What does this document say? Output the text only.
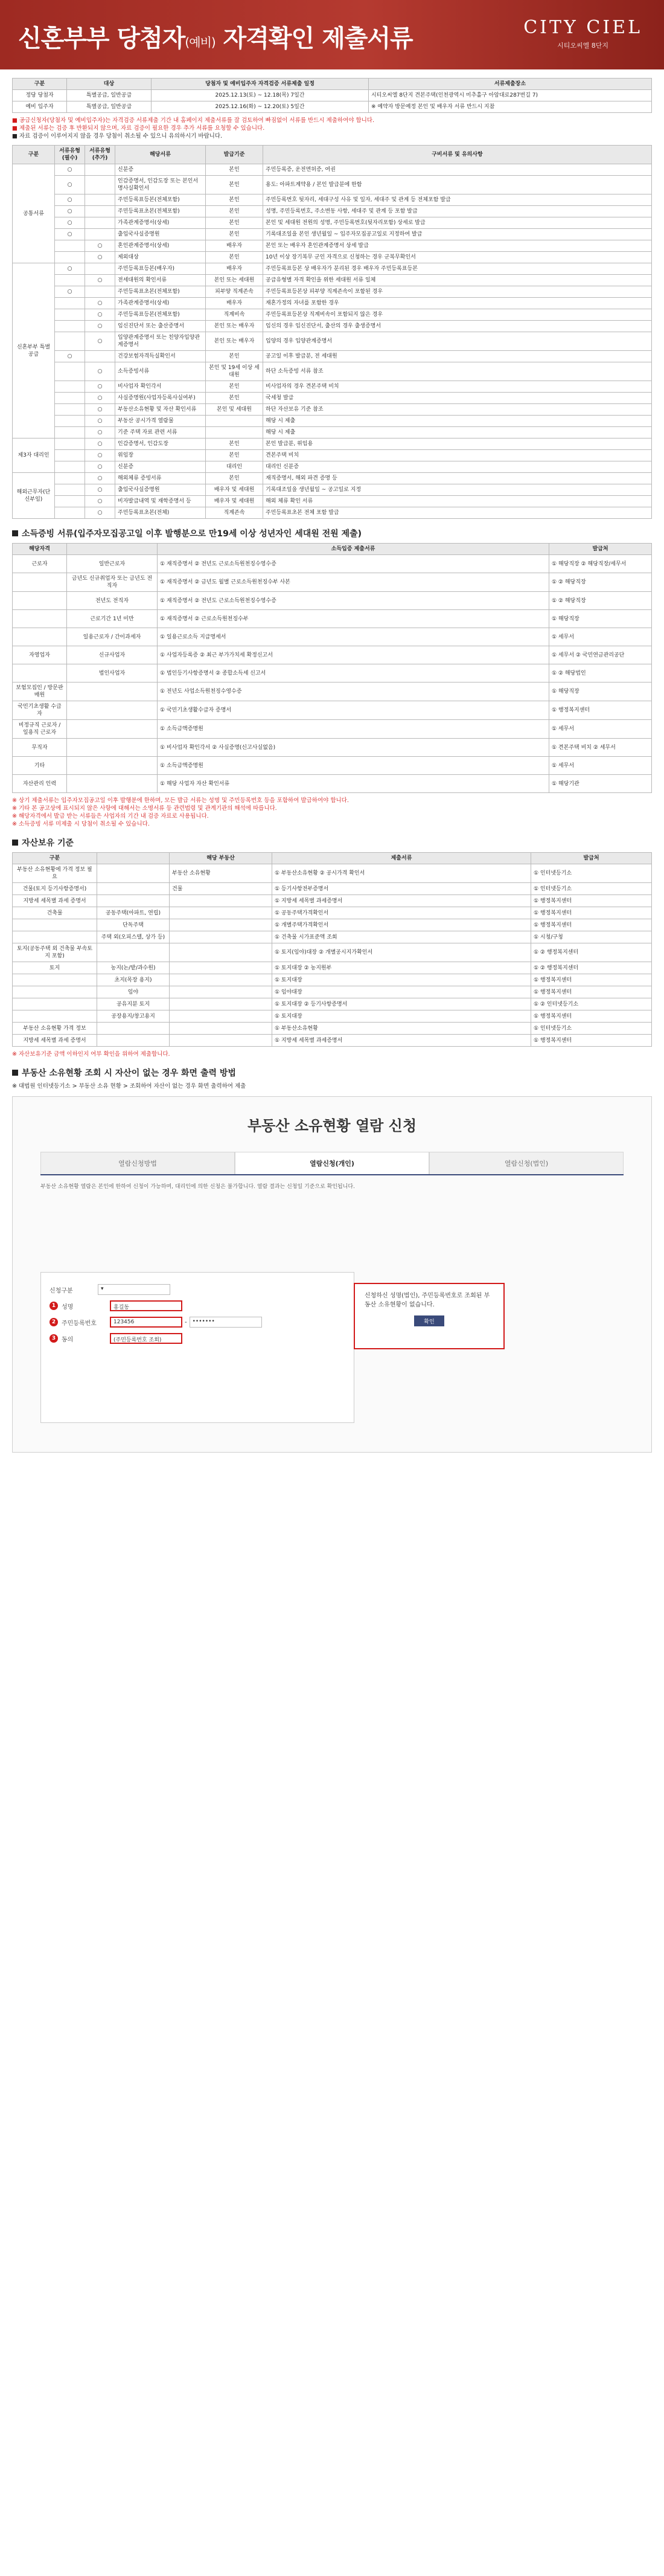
신혼부부 당첨자(예비) 자격확인 제출서류	CITY CIEL
시티오씨엘 8단지
구분	대상	당첨자 및 예비입주자 자격검증 서류제출 일정	서류제출장소
정당 당첨자	특별공급, 일반공급	2025.12.13(토) ~ 12.18(목) 7일간	시티오씨엘 8단지 견본주택(인천광역시 미추홀구 아암대로287번길 7)
예비 입주자	특별공급, 일반공급	2025.12.16(화) ~ 12.20(토) 5일간	※ 예약자 방문예정 본인 및 배우자 서류 반드시 지참

■ 공급신청자(당첨자 및 예비입주자)는 자격검증 서류제출 기간 내 홈페이지 제출서류를 잘 검토하여 빠짐없이 서류를 반드시 제출하여야 합니다.

■ 제출된 서류는 검증 후 반환되지 않으며, 자료 검증이 필요한 경우 추가 서류를 요청할 수 있습니다.

■ 자료 검증이 이루어지지 않을 경우 당첨이 취소될 수 있으니 유의하시기 바랍니다.

구분	서류유형(필수)	서류유형(추가)	해당서류	발급기준	구비서류 및 유의사항
공통서류	○		신분증	본인	주민등록증, 운전면허증, 여권
	○		인감증명서, 인감도장 또는 본인서명사실확인서	본인	용도: 아파트계약용 / 본인 발급분에 한함
	○		주민등록표등본(전체포함)	본인	주민등록번호 뒷자리, 세대구성 사유 및 일자, 세대주 및 관계 등 전체포함 발급
	○		주민등록표초본(전체포함)	본인	성명, 주민등록번호, 주소변동 사항, 세대주 및 관계 등 포함 발급
	○		가족관계증명서(상세)	본인	본인 및 세대원 전원의 성명, 주민등록번호(뒷자리포함) 상세로 발급
	○		출입국사실증명원	본인	기록대조일을 본인 생년월일 ~ 입주자모집공고일로 지정하여 발급
		○	혼인관계증명서(상세)	배우자	본인 또는 배우자 혼인관계증명서 상세 발급
		○	제외대상	본인	10년 이상 장기복무 군인 자격으로 신청하는 경우 군복무확인서
신혼부부 특별공급	○		주민등록표등본(배우자)	배우자	주민등록표등본 상 배우자가 분리된 경우 배우자 주민등록표등본
		○	전세대원의 확인서류	본인 또는 세대원	공급유형별 자격 확인을 위한 세대원 서류 일체
	○		주민등록표초본(전체포함)	피부양 직계존속	주민등록표등본상 피부양 직계존속이 포함된 경우
		○	가족관계증명서(상세)	배우자	재혼가정의 자녀를 포함한 경우
		○	주민등록표등본(전체포함)	직계비속	주민등록표등본상 직계비속이 포함되지 않은 경우
		○	임신진단서 또는 출산증명서	본인 또는 배우자	임신의 경우 임신진단서, 출산의 경우 출생증명서
		○	입양관계증명서 또는 친양자입양관계증명서	본인 또는 배우자	입양의 경우 입양관계증명서
	○		건강보험자격득실확인서	본인	공고일 이후 발급분, 전 세대원
		○	소득증빙서류	본인 및 19세 이상 세대원	하단 소득증빙 서류 참조
		○	비사업자 확인각서	본인	비사업자의 경우 견본주택 비치
		○	사실증명원(사업자등록사실여부)	본인	국세청 발급
		○	부동산소유현황 및 자산 확인서류	본인 및 세대원	하단 자산보유 기준 참조
		○	부동산 공시가격 열람물		해당 시 제출
		○	기준 주택 자료 관련 서류		해당 시 제출
제3자 대리인		○	인감증명서, 인감도장	본인	본인 발급분, 위임용
		○	위임장	본인	견본주택 비치
		○	신분증	대리인	대리인 신분증
해외근무자(단신부임)		○	해외체류 증빙서류	본인	재직증명서, 해외 파견 증명 등
		○	출입국사실증명원	배우자 및 세대원	기록대조일을 생년월일 ~ 공고일로 지정
		○	비자발급내역 및 재학증명서 등	배우자 및 세대원	해외 체류 확인 서류
		○	주민등록표초본(전체)	직계존속	주민등록표초본 전체 포함 발급
소득증빙 서류(입주자모집공고일 이후 발행분으로 만19세 이상 성년자인 세대원 전원 제출)
해당자격		소득입증 제출서류	발급처
근로자	일반근로자	① 재직증명서 ② 전년도 근로소득원천징수영수증	① 해당직장 ② 해당직장/세무서
	금년도 신규취업자 또는 금년도 전직자	① 재직증명서 ② 금년도 월별 근로소득원천징수부 사본	① ② 해당직장
	전년도 전직자	① 재직증명서 ② 전년도 근로소득원천징수영수증	① ② 해당직장
	근로기간 1년 미만	① 재직증명서 ② 근로소득원천징수부	① 해당직장
	일용근로자 / 간이과세자	① 일용근로소득 지급명세서	① 세무서
자영업자	신규사업자	① 사업자등록증 ② 최근 부가가치세 확정신고서	① 세무서 ② 국민연금관리공단
	법인사업자	① 법인등기사항증명서 ② 종합소득세 신고서	① ② 해당법인
보험모집인 / 방문판매원		① 전년도 사업소득원천징수영수증	① 해당직장
국민기초생활 수급자		① 국민기초생활수급자 증명서	① 행정복지센터
비정규직 근로자 / 일용직 근로자		① 소득금액증명원	① 세무서
무직자		① 비사업자 확인각서 ② 사실증명(신고사실없음)	① 견본주택 비치 ② 세무서
기타		① 소득금액증명원	① 세무서
자산관리 인력		① 해당 사업자 자산 확인서류	① 해당기관

※ 상기 제출서류는 입주자모집공고일 이후 발행분에 한하며, 모든 발급 서류는 성명 및 주민등록번호 등을 포함하여 발급하여야 합니다.

※ 기타 본 공고상에 표시되지 않은 사항에 대해서는 소명서류 등 관련법령 및 관계기관의 해석에 따릅니다.

※ 해당자격에서 발급 받는 서류들은 사업자의 기간 내 검증 자료로 사용됩니다.

※ 소득증빙 서류 미제출 시 당첨이 취소될 수 있습니다.

자산보유 기준
구분		해당 부동산	제출서류	발급처
부동산 소유현황에 가격 정보 필요		부동산 소유현황	① 부동산소유현황 ② 공시가격 확인서	① 인터넷등기소
건물(토지 등기사항증명서)		건물	① 등기사항전부증명서	① 인터넷등기소
지방세 세목별 과세 증명서			① 지방세 세목별 과세증명서	① 행정복지센터
건축물	공동주택(아파트, 연립)		① 공동주택가격확인서	① 행정복지센터
	단독주택		① 개별주택가격확인서	① 행정복지센터
	주택 외(오피스텔, 상가 등)		① 건축물 시가표준액 조회	① 시청/구청
토지(공동주택 외 건축물 부속토지 포함)			① 토지(임야)대장 ② 개별공시지가확인서	① ② 행정복지센터
토지	농지(논/밭/과수원)		① 토지대장 ② 농지원부	① ② 행정복지센터
	초지(목장 용지)		① 토지대장	① 행정복지센터
	임야		① 임야대장	① 행정복지센터
	공유지분 토지		① 토지대장 ② 등기사항증명서	① ② 인터넷등기소
	공장용지/창고용지		① 토지대장	① 행정복지센터
부동산 소유현황 가격 정보			① 부동산소유현황	① 인터넷등기소
지방세 세목별 과세 증명서			① 지방세 세목별 과세증명서	① 행정복지센터

※ 자산보유기준 금액 이하인지 여부 확인을 위하여 제출합니다.

부동산 소유현황 조회 시 자산이 없는 경우 화면 출력 방법

※ 대법원 인터넷등기소 > 부동산 소유 현황 > 조회하여 자산이 없는 경우 화면 출력하여 제출

부동산 소유현황 열람 신청
열람신청방법	열람신청(개인)	열람신청(법인)
부동산 소유현황 열람은 본인에 한하여 신청이 가능하며, 대리인에 의한 신청은 불가합니다. 열람 결과는 신청일 기준으로 확인됩니다.
신청구분	▾
1 성명	홍길동
2 주민등록번호	123456	-	•••••••
3 동의	(주민등록번호 조회)
신청하신 성명(법인), 주민등록번호로 조회된 부동산 소유현황이 없습니다.
확인
